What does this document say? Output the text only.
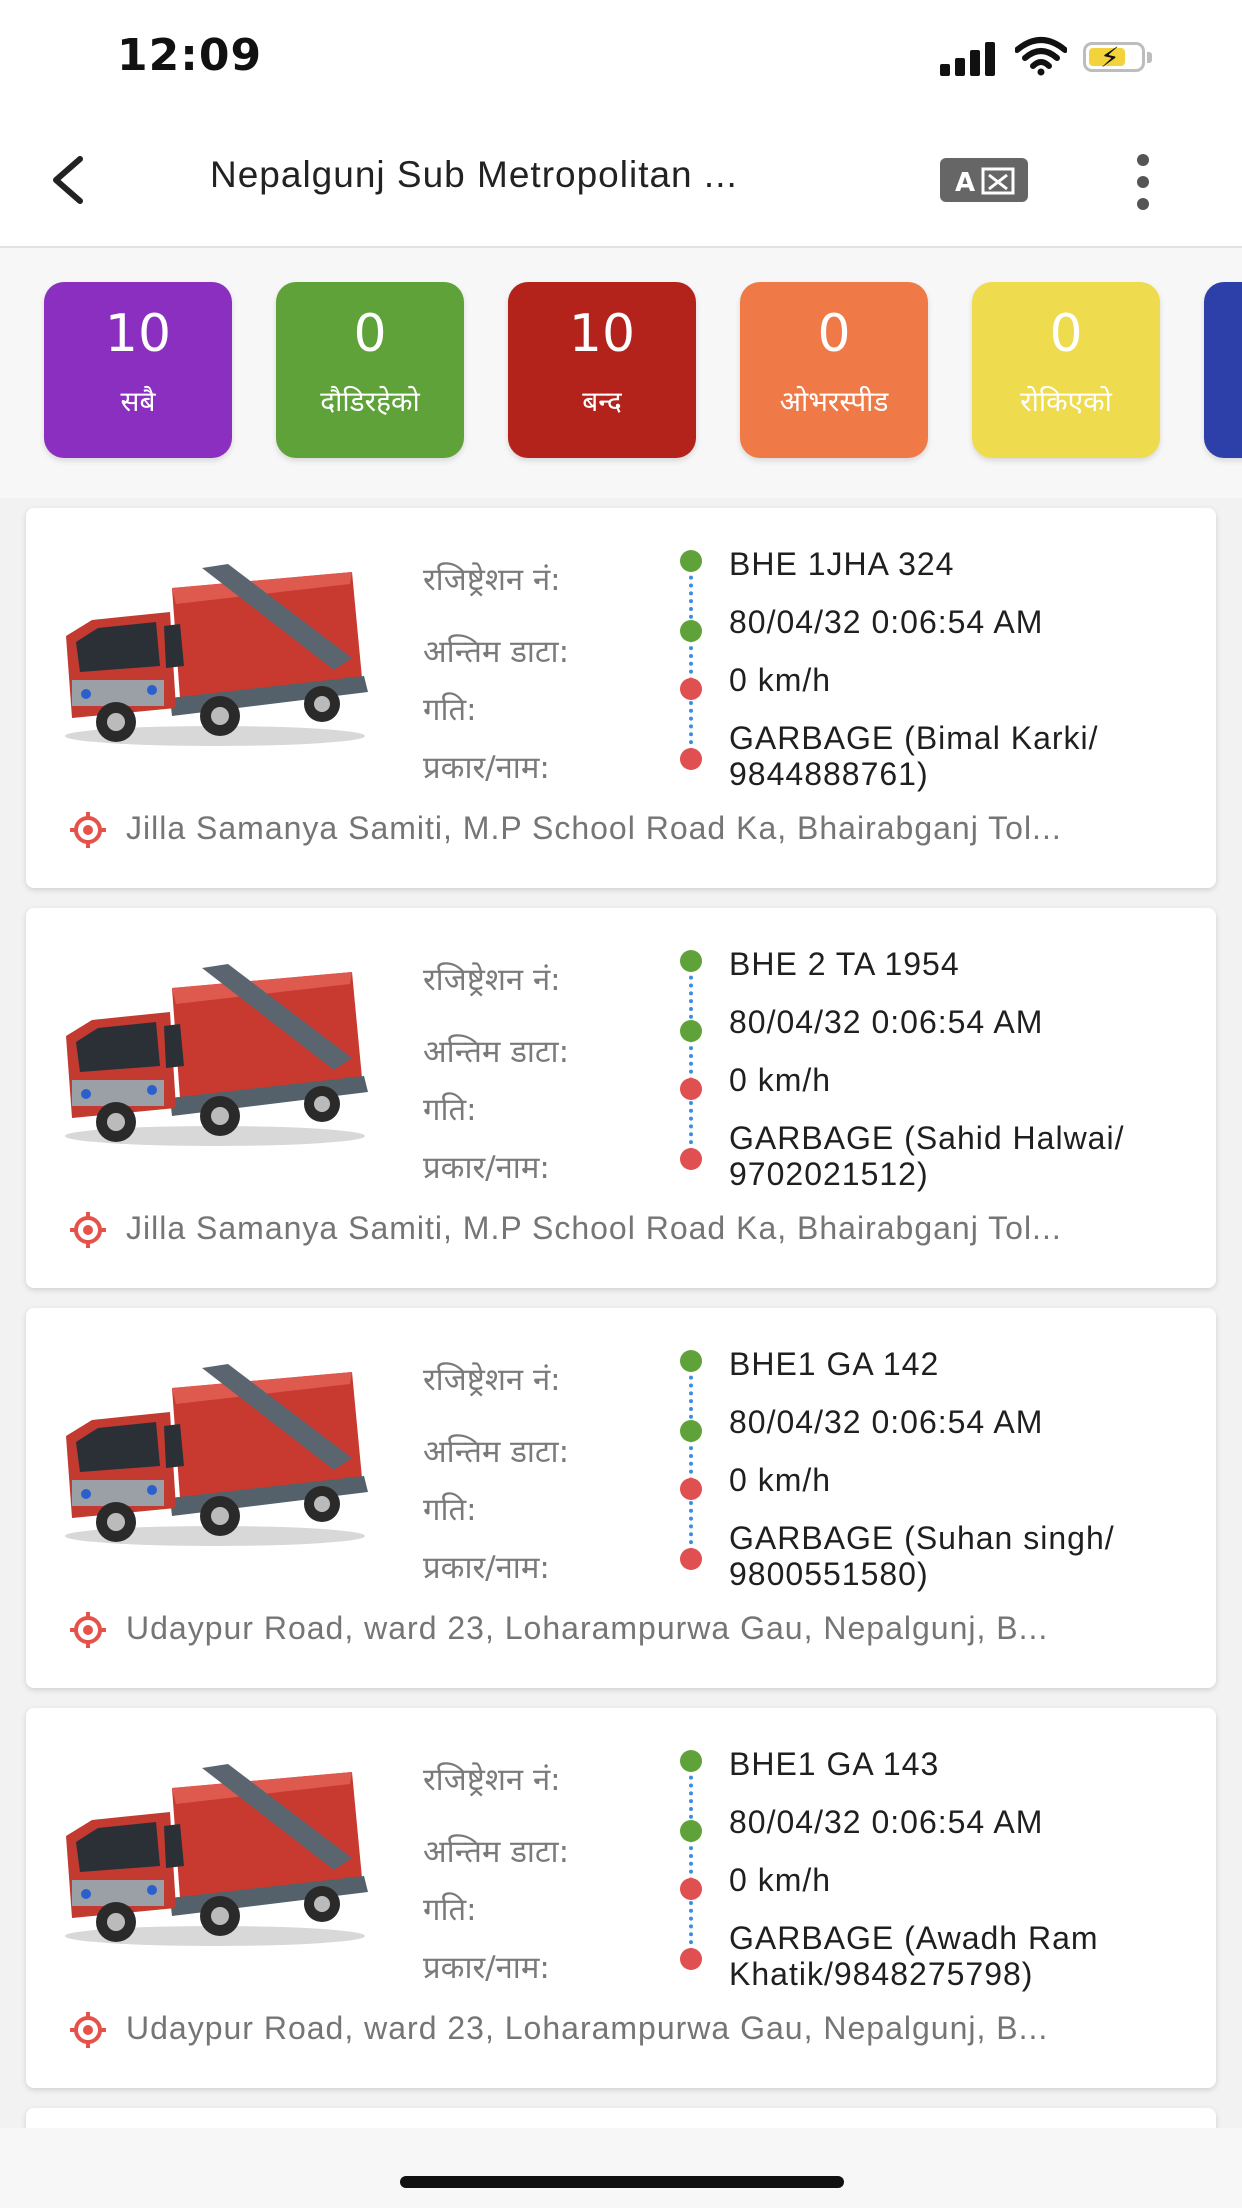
12:09	⚡
Nepalgunj Sub Metropolitan ...	A
10
सबै
0
दौडिरहेको
10
बन्द
0
ओभरस्पीड
0
रोकिएको
रजिष्ट्रेशन नं:
अन्तिम डाटा:
गति:
प्रकार/नाम:
BHE 1JHA 324
80/04/32 0:06:54 AM
0 km/h
GARBAGE (Bimal Karki/ 9844888761)
Jilla Samanya Samiti, M.P School Road Ka, Bhairabganj Tol...
रजिष्ट्रेशन नं:
अन्तिम डाटा:
गति:
प्रकार/नाम:
BHE 2 TA 1954
80/04/32 0:06:54 AM
0 km/h
GARBAGE (Sahid Halwai/ 9702021512)
Jilla Samanya Samiti, M.P School Road Ka, Bhairabganj Tol...
रजिष्ट्रेशन नं:
अन्तिम डाटा:
गति:
प्रकार/नाम:
BHE1 GA 142
80/04/32 0:06:54 AM
0 km/h
GARBAGE (Suhan singh/ 9800551580)
Udaypur Road, ward 23, Loharampurwa Gau, Nepalgunj, B...
रजिष्ट्रेशन नं:
अन्तिम डाटा:
गति:
प्रकार/नाम:
BHE1 GA 143
80/04/32 0:06:54 AM
0 km/h
GARBAGE (Awadh Ram Khatik/9848275798)
Udaypur Road, ward 23, Loharampurwa Gau, Nepalgunj, B...
